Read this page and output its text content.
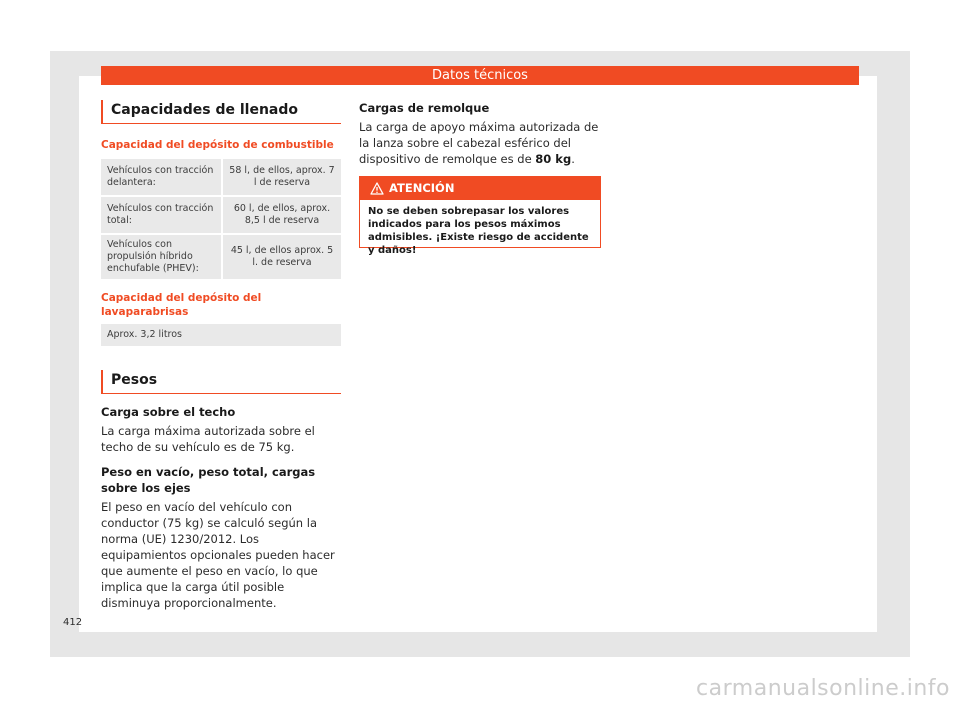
Datos técnicos
Capacidades de llenado
Capacidad del depósito de combustible
Vehículos con tracción delantera:	58 l, de ellos, aprox. 7 l de reserva
Vehículos con tracción total:	60 l, de ellos, aprox. 8,5 l de reserva
Vehículos con propulsión híbrido enchufable (PHEV):	45 l, de ellos aprox. 5 l. de reserva
Capacidad del depósito del lavaparabrisas
Aprox. 3,2 litros
Pesos
Carga sobre el techo
La carga máxima autorizada sobre el techo de su vehículo es de 75 kg.
Peso en vacío, peso total, cargas sobre los ejes
El peso en vacío del vehículo con conductor (75 kg) se calculó según la norma (UE) 1230/2012. Los equipamientos opcionales pueden hacer que aumente el peso en vacío, lo que implica que la carga útil posible disminuya proporcionalmente.
Cargas de remolque
La carga de apoyo máxima autorizada de la lanza sobre el cabezal esférico del dispositivo de remolque es de 80 kg.
ATENCIÓN
No se deben sobrepasar los valores indicados para los pesos máximos admisibles. ¡Existe riesgo de accidente y daños!
412
carmanualsonline.info
